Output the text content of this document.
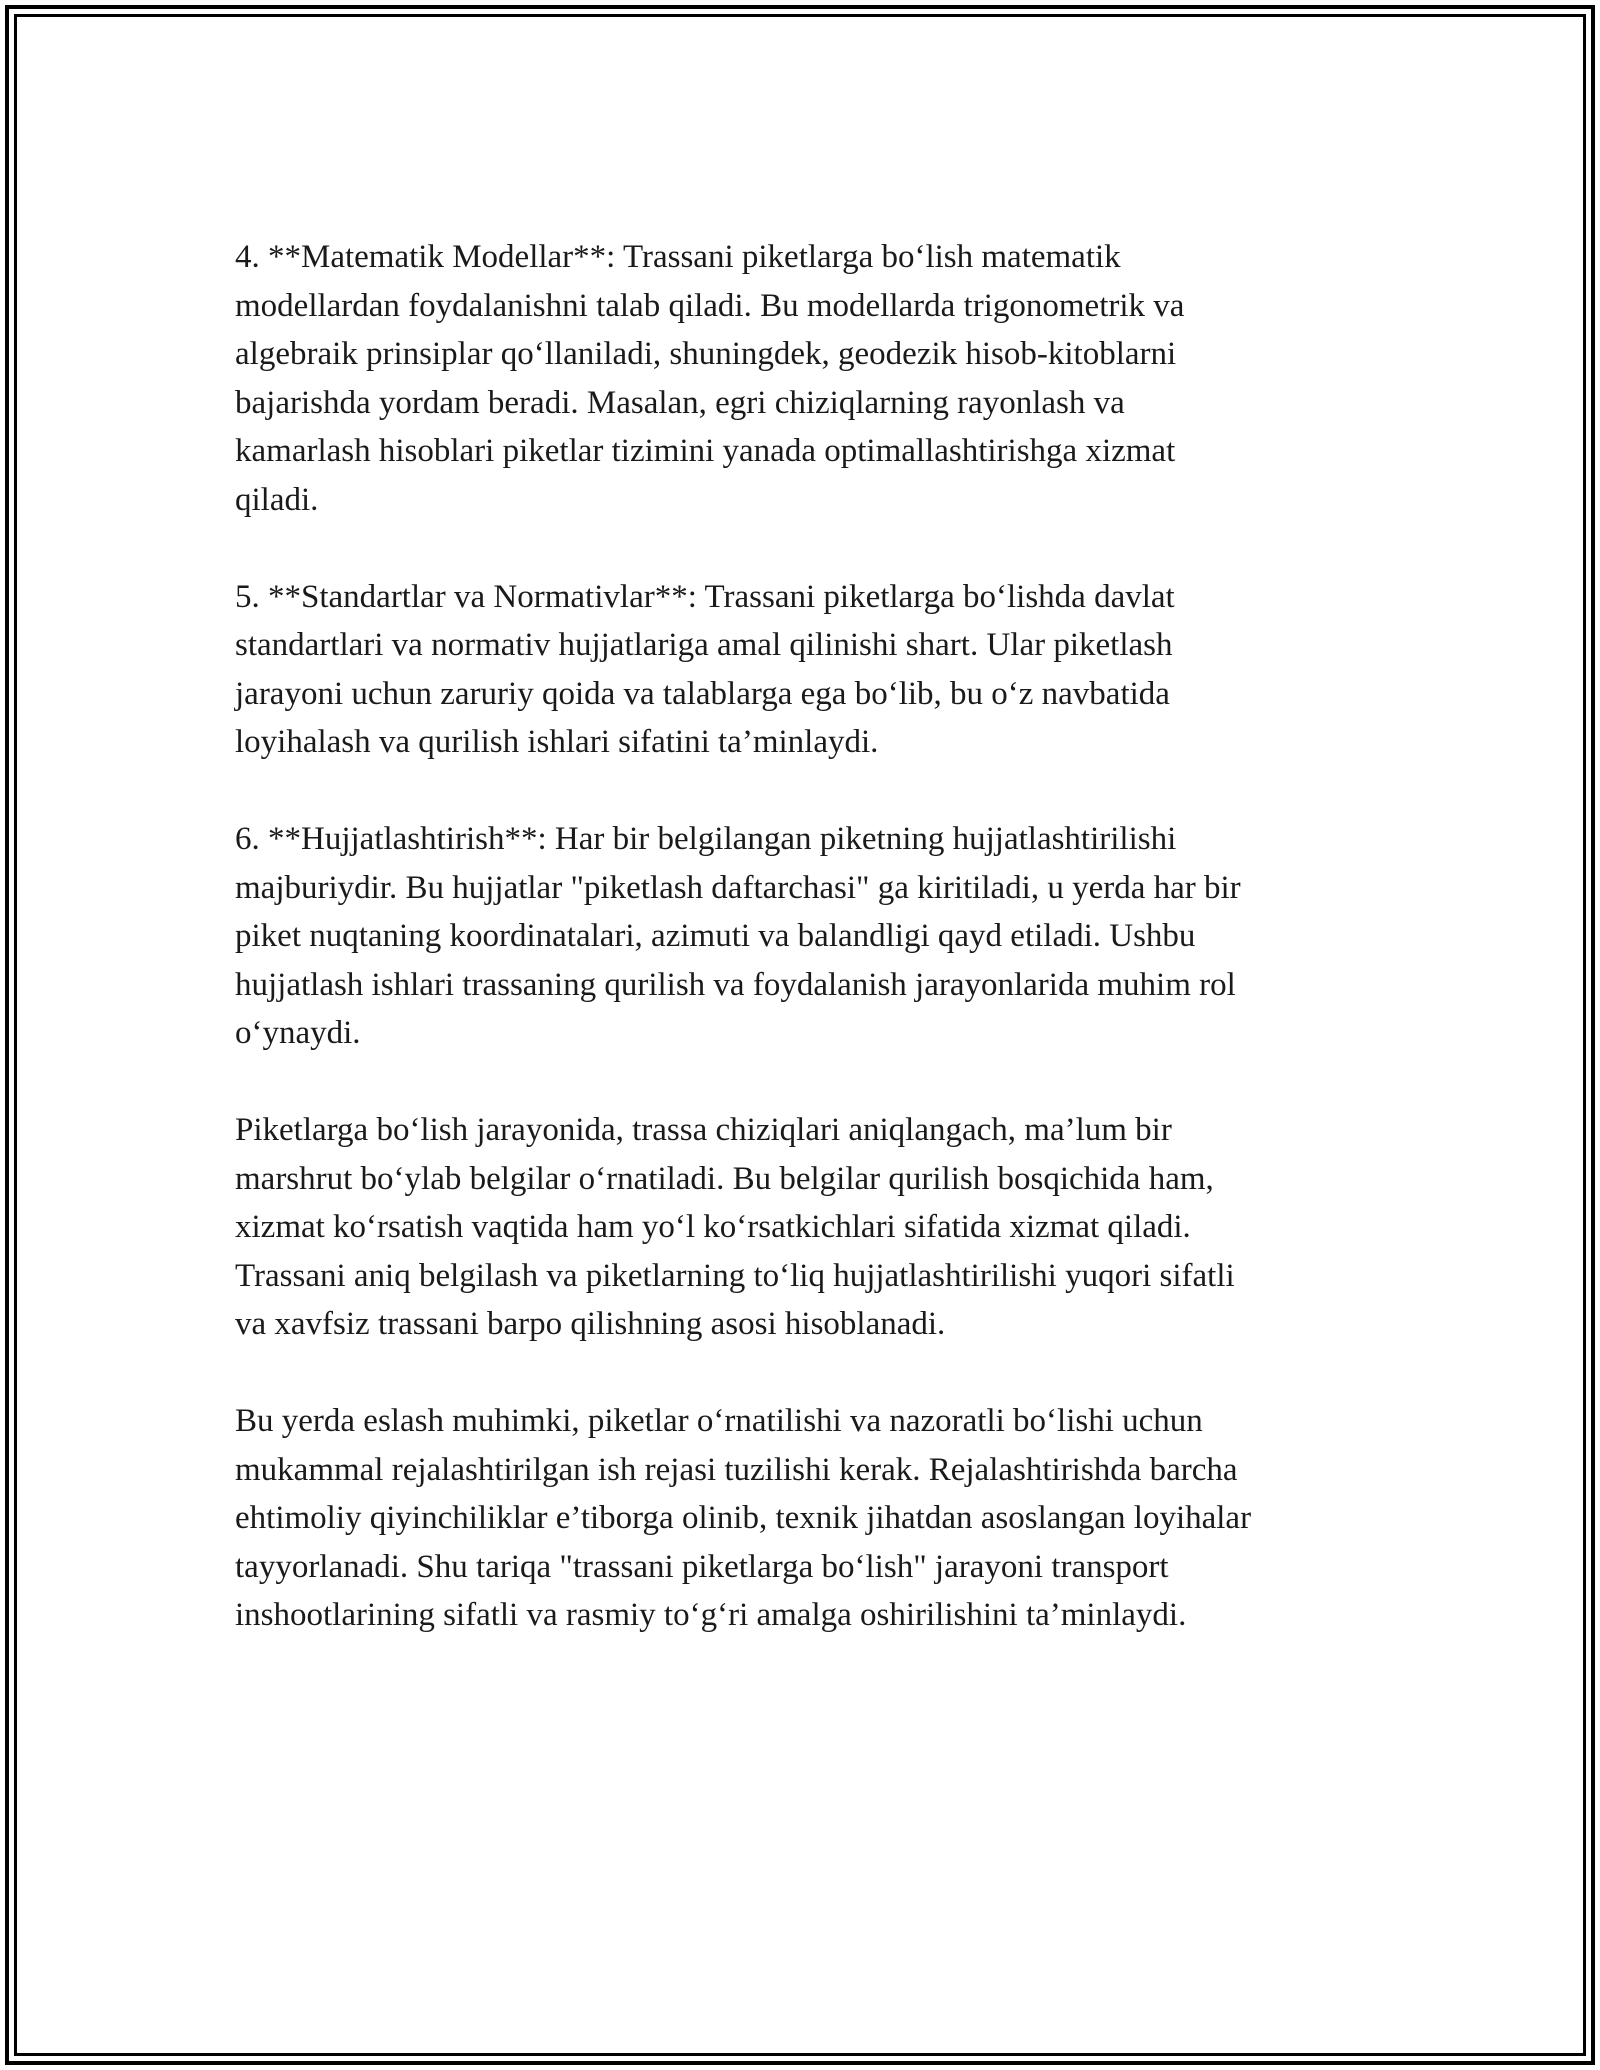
4. **Matematik Modellar**: Trassani piketlarga bo‘lish matematik
modellardan foydalanishni talab qiladi. Bu modellarda trigonometrik va
algebraik prinsiplar qo‘llaniladi, shuningdek, geodezik hisob-kitoblarni
bajarishda yordam beradi. Masalan, egri chiziqlarning rayonlash va
kamarlash hisoblari piketlar tizimini yanada optimallashtirishga xizmat
qiladi.

5. **Standartlar va Normativlar**: Trassani piketlarga bo‘lishda davlat
standartlari va normativ hujjatlariga amal qilinishi shart. Ular piketlash
jarayoni uchun zaruriy qoida va talablarga ega bo‘lib, bu o‘z navbatida
loyihalash va qurilish ishlari sifatini ta’minlaydi.

6. **Hujjatlashtirish**: Har bir belgilangan piketning hujjatlashtirilishi
majburiydir. Bu hujjatlar "piketlash daftarchasi" ga kiritiladi, u yerda har bir
piket nuqtaning koordinatalari, azimuti va balandligi qayd etiladi. Ushbu
hujjatlash ishlari trassaning qurilish va foydalanish jarayonlarida muhim rol
o‘ynaydi.

Piketlarga bo‘lish jarayonida, trassa chiziqlari aniqlangach, ma’lum bir
marshrut bo‘ylab belgilar o‘rnatiladi. Bu belgilar qurilish bosqichida ham,
xizmat ko‘rsatish vaqtida ham yo‘l ko‘rsatkichlari sifatida xizmat qiladi.
Trassani aniq belgilash va piketlarning to‘liq hujjatlashtirilishi yuqori sifatli
va xavfsiz trassani barpo qilishning asosi hisoblanadi.

Bu yerda eslash muhimki, piketlar o‘rnatilishi va nazoratli bo‘lishi uchun
mukammal rejalashtirilgan ish rejasi tuzilishi kerak. Rejalashtirishda barcha
ehtimoliy qiyinchiliklar e’tiborga olinib, texnik jihatdan asoslangan loyihalar
tayyorlanadi. Shu tariqa "trassani piketlarga bo‘lish" jarayoni transport
inshootlarining sifatli va rasmiy to‘g‘ri amalga oshirilishini ta’minlaydi.
